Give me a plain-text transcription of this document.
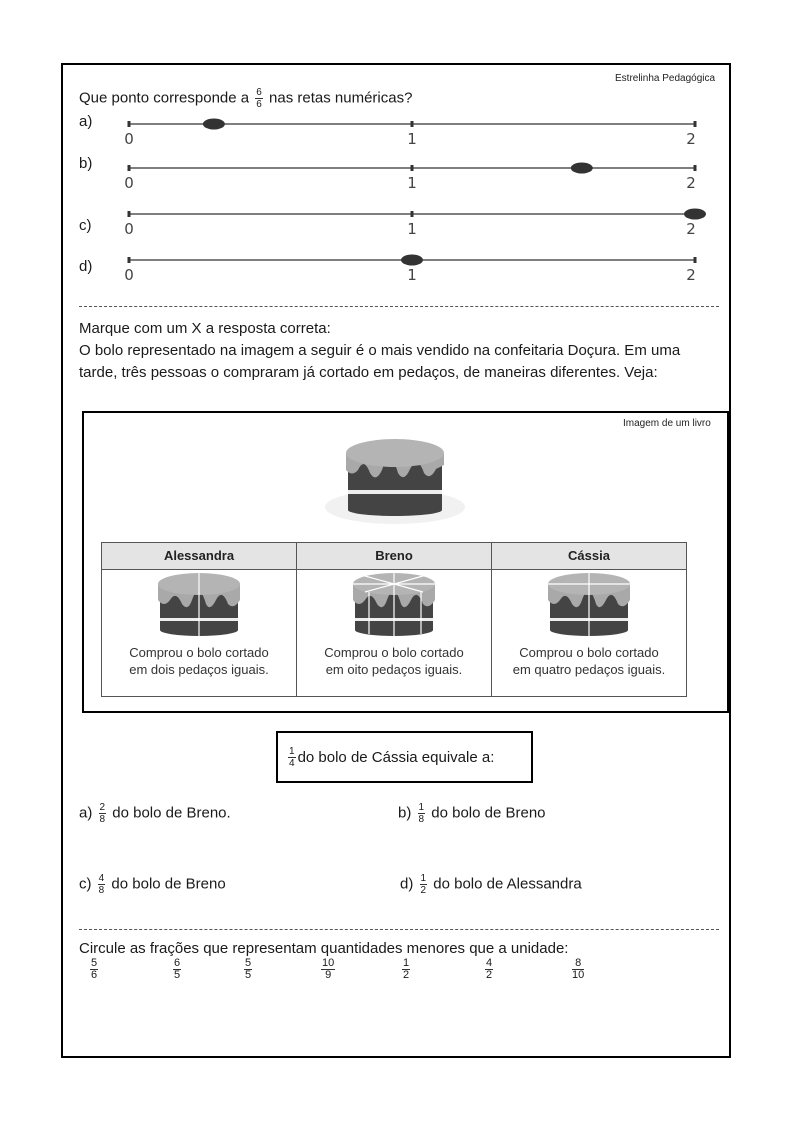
Estrelinha Pedagógica
Que ponto corresponde a $\frac{6}{6}$ nas retas numéricas?
a)
b)
c)
d)
0	1	2
0	1	2
0	1	2
0	1	2
Marque com um X a resposta correta:
O bolo representado na imagem a seguir é o mais vendido na confeitaria Doçura. Em uma
tarde, três pessoas o compraram já cortado em pedaços, de maneiras diferentes. Veja:
Imagem de um livro
Alessandra
Comprou o bolo cortado
em dois pedaços iguais.
Breno
Comprou o bolo cortado
em oito pedaços iguais.
Cássia
Comprou o bolo cortado
em quatro pedaços iguais.
$\frac{1}{4}$ do bolo de Cássia equivale a:
$a) \frac{2}{8}$ do bolo de Breno.	$b) \frac{1}{8}$ do bolo de Breno
$c) \frac{4}{8}$ do bolo de Breno	$d) \frac{1}{2}$ do bolo de Alessandra
Circule as frações que representam quantidades menores que a unidade:
$\frac{5}{6}$	$\frac{6}{5}$	$\frac{5}{5}$	$\frac{10}{9}$	$\frac{1}{2}$	$\frac{4}{2}$	$\frac{8}{10}$
